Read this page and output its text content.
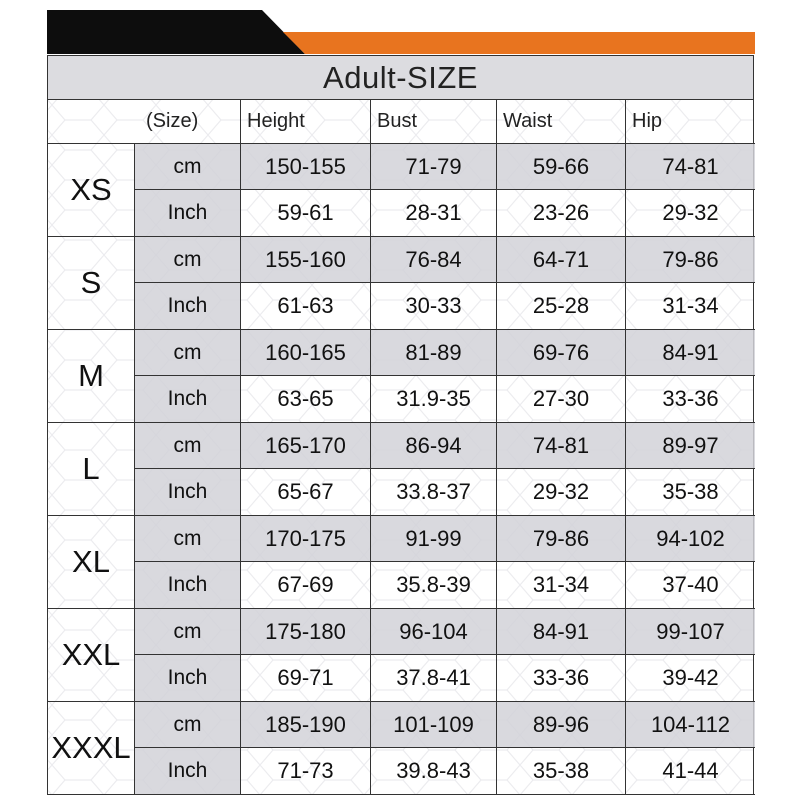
Adult-SIZE
(Size)	Height	Bust	Waist	Hip
XS
cm	150-155	71-79	59-66	74-81
Inch	59-61	28-31	23-26	29-32
S
cm	155-160	76-84	64-71	79-86
Inch	61-63	30-33	25-28	31-34
M
cm	160-165	81-89	69-76	84-91
Inch	63-65	31.9-35	27-30	33-36
L
cm	165-170	86-94	74-81	89-97
Inch	65-67	33.8-37	29-32	35-38
XL
cm	170-175	91-99	79-86	94-102
Inch	67-69	35.8-39	31-34	37-40
XXL
cm	175-180	96-104	84-91	99-107
Inch	69-71	37.8-41	33-36	39-42
XXXL
cm	185-190	101-109	89-96	104-112
Inch	71-73	39.8-43	35-38	41-44
